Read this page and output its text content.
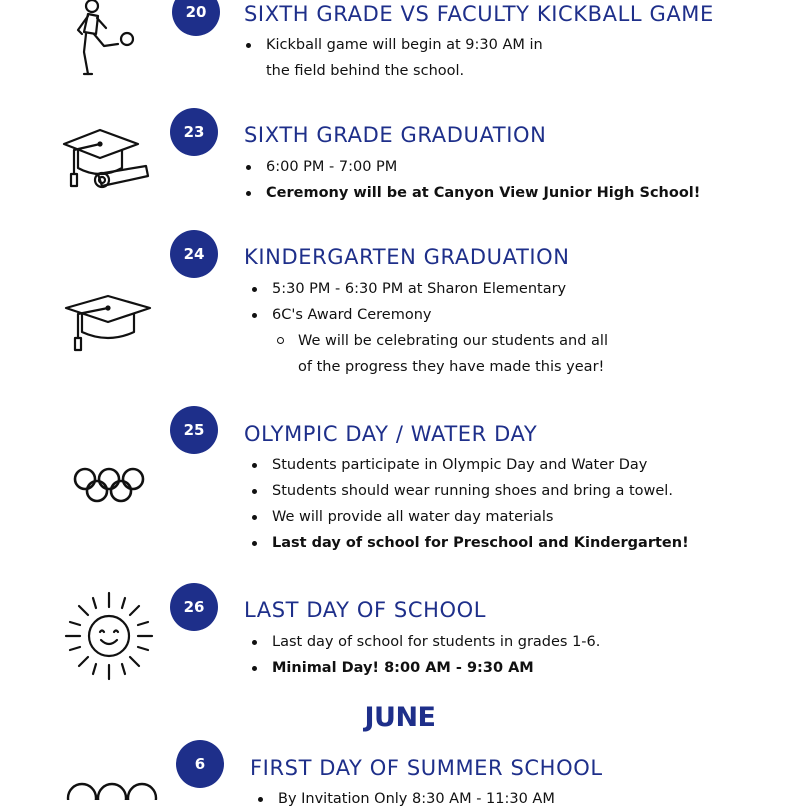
20	SIXTH GRADE VS FACULTY KICKBALL GAME
Kickball game will begin at 9:30 AM in
the field behind the school.
23	SIXTH GRADE GRADUATION
6:00 PM - 7:00 PM
Ceremony will be at Canyon View Junior High School!
24	KINDERGARTEN GRADUATION
5:30 PM - 6:30 PM at Sharon Elementary
6C's Award Ceremony
We will be celebrating our students and all
of the progress they have made this year!
25	OLYMPIC DAY / WATER DAY
Students participate in Olympic Day and Water Day
Students should wear running shoes and bring a towel.
We will provide all water day materials
Last day of school for Preschool and Kindergarten!
26	LAST DAY OF SCHOOL
Last day of school for students in grades 1-6.
Minimal Day! 8:00 AM - 9:30 AM
JUNE
6	FIRST DAY OF SUMMER SCHOOL
By Invitation Only 8:30 AM - 11:30 AM
